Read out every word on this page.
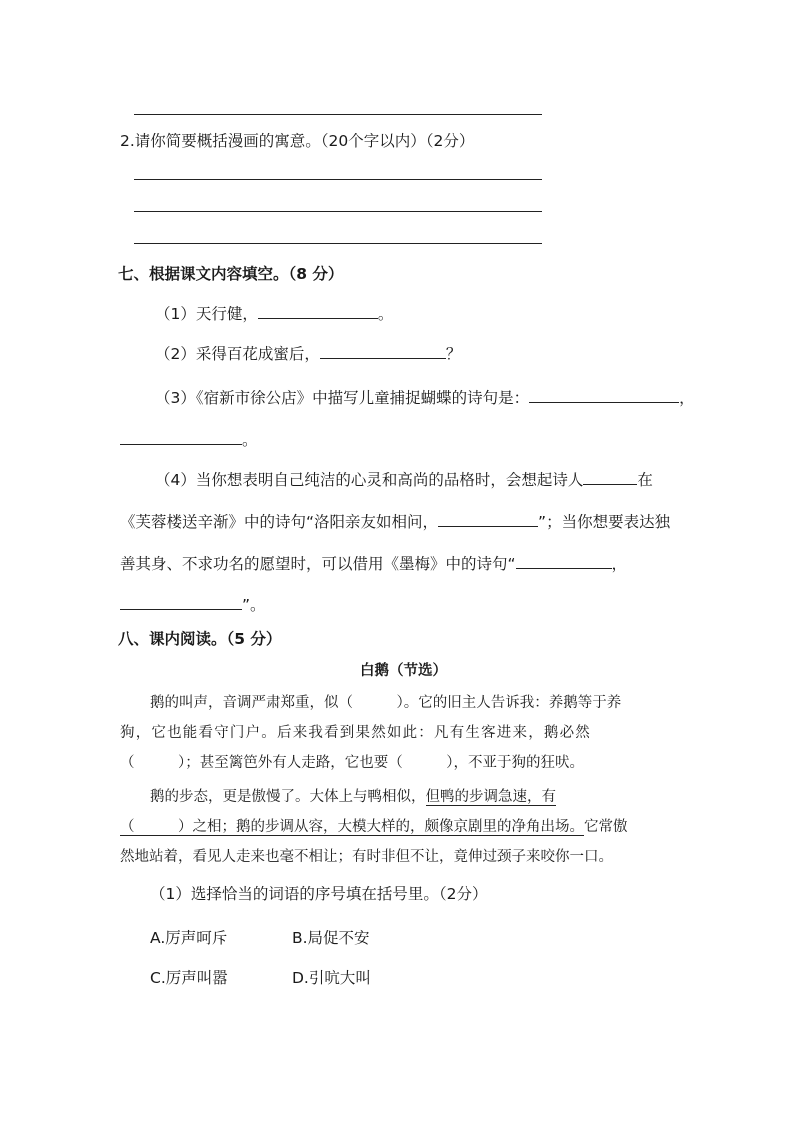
2.请你简要概括漫画的寓意。（20个字以内）（2分）
七、根据课文内容填空。（8 分）
（1）天行健，	。
（2）采得百花成蜜后，	？
（3）《宿新市徐公店》中描写儿童捕捉蝴蝶的诗句是：	，
。
（4）当你想表明自己纯洁的心灵和高尚的品格时，会想起诗人	在
《芙蓉楼送辛渐》中的诗句“洛阳亲友如相问，	”；当你想要表达独
善其身、不求功名的愿望时，可以借用《墨梅》中的诗句“	，
”。
八、课内阅读。（5 分）
白鹅（节选）
鹅的叫声，音调严肃郑重，似（　　　）。它的旧主人告诉我：养鹅等于养
狗，它也能看守门户。后来我看到果然如此：凡有生客进来，鹅必然
（　　　）；甚至篱笆外有人走路，它也要（　　　），不亚于狗的狂吠。
鹅的步态，更是傲慢了。大体上与鸭相似，但鸭的步调急速，有
（　　　）之相；鹅的步调从容，大模大样的，颇像京剧里的净角出场。它常傲
然地站着，看见人走来也毫不相让；有时非但不让，竟伸过颈子来咬你一口。
（1）选择恰当的词语的序号填在括号里。（2分）
A.厉声呵斥	B.局促不安
C.厉声叫嚣	D.引吭大叫
